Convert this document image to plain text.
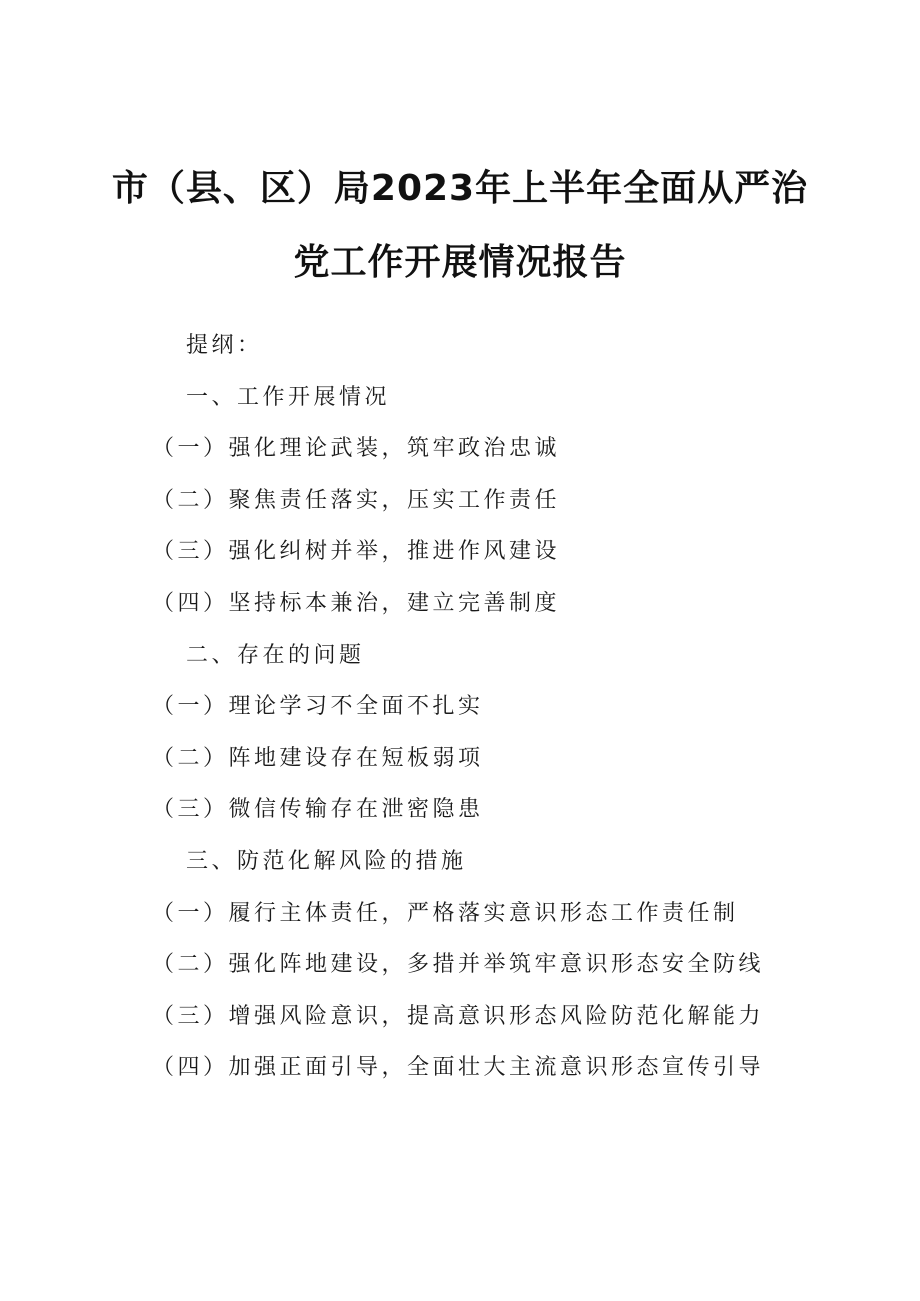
市（县、区）局2023年上半年全面从严治
党工作开展情况报告
提纲：
一、工作开展情况
（一）强化理论武装，筑牢政治忠诚
（二）聚焦责任落实，压实工作责任
（三）强化纠树并举，推进作风建设
（四）坚持标本兼治，建立完善制度
二、存在的问题
（一）理论学习不全面不扎实
（二）阵地建设存在短板弱项
（三）微信传输存在泄密隐患
三、防范化解风险的措施
（一）履行主体责任，严格落实意识形态工作责任制
（二）强化阵地建设，多措并举筑牢意识形态安全防线
（三）增强风险意识，提高意识形态风险防范化解能力
（四）加强正面引导，全面壮大主流意识形态宣传引导
